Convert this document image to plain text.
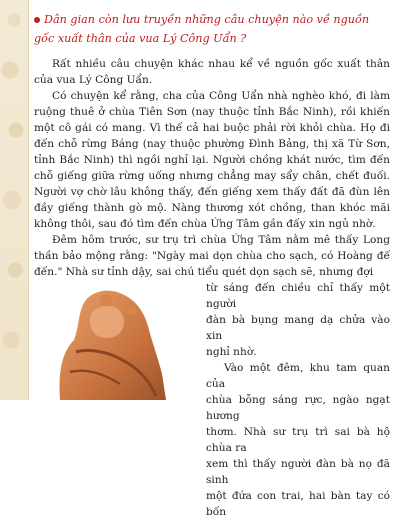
Dân gian còn lưu truyền những câu chuyện nào về nguồn gốc xuất thân của vua Lý Công Uẩn ?

Rất nhiều câu chuyện khác nhau kể về nguồn gốc xuất thân của vua Lý Công Uẩn.

Có chuyện kể rằng, cha của Công Uẩn nhà nghèo khó, đi làm ruộng thuê ở chùa Tiên Sơn (nay thuộc tỉnh Bắc Ninh), rồi khiến một cô gái có mang. Vì thế cả hai buộc phải rời khỏi chùa. Họ đi đến chỗ rừng Báng (nay thuộc phường Đình Bảng, thị xã Từ Sơn, tỉnh Bắc Ninh) thì ngồi nghỉ lại. Người chồng khát nước, tìm đến chỗ giếng giữa rừng uống nhưng chẳng may sẩy chân, chết đuối. Người vợ chờ lâu không thấy, đến giếng xem thấy đất đã đùn lên đầy giếng thành gò mộ. Nàng thương xót chồng, than khóc mãi không thôi, sau đó tìm đến chùa Ứng Tâm gần đấy xin ngủ nhờ.

Đêm hôm trước, sư trụ trì chùa Ứng Tâm nằm mê thấy Long thần bảo mộng rằng: "Ngày mai dọn chùa cho sạch, có Hoàng đế đến." Nhà sư tỉnh dậy, sai chú tiểu quét dọn sạch sẽ, nhưng đợi

từ sáng đến chiều chỉ thấy một người
đàn bà bụng mang dạ chửa vào xin
nghỉ nhờ.
Vào một đêm, khu tam quan của
chùa bỗng sáng rực, ngào ngạt hương
thơm. Nhà sư trụ trì sai bà hộ chùa ra
xem thì thấy người đàn bà nọ đã sinh
một đứa con trai, hai bàn tay có bốn
